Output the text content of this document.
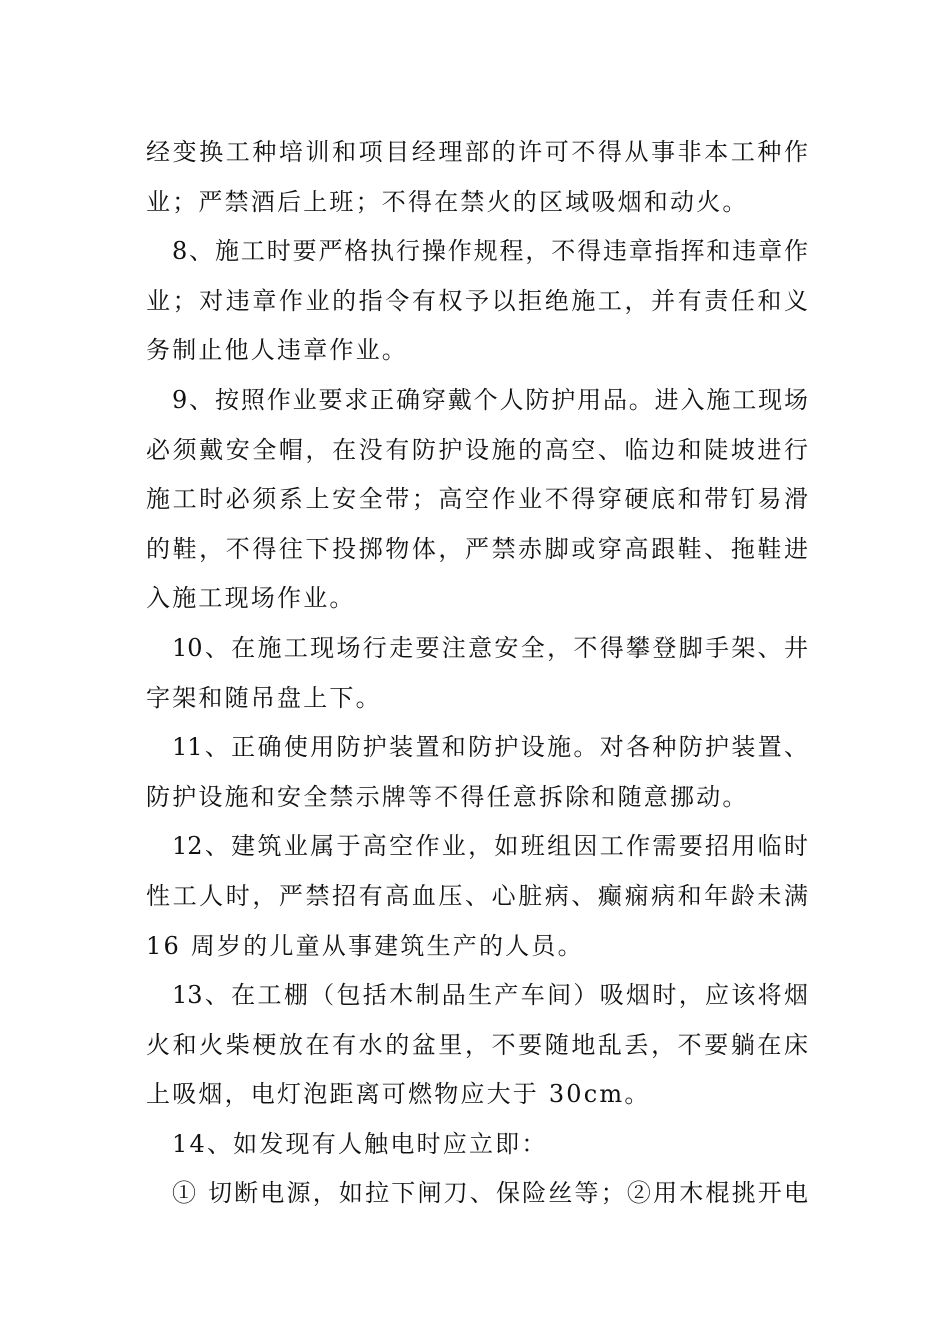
经变换工种培训和项目经理部的许可不得从事非本工种作
业；严禁酒后上班；不得在禁火的区域吸烟和动火。
8、施工时要严格执行操作规程，不得违章指挥和违章作
业；对违章作业的指令有权予以拒绝施工，并有责任和义
务制止他人违章作业。
9、按照作业要求正确穿戴个人防护用品。进入施工现场
必须戴安全帽，在没有防护设施的高空、临边和陡坡进行
施工时必须系上安全带；高空作业不得穿硬底和带钉易滑
的鞋，不得往下投掷物体，严禁赤脚或穿高跟鞋、拖鞋进
入施工现场作业。
10、在施工现场行走要注意安全，不得攀登脚手架、井
字架和随吊盘上下。
11、正确使用防护装置和防护设施。对各种防护装置、
防护设施和安全禁示牌等不得任意拆除和随意挪动。
12、建筑业属于高空作业，如班组因工作需要招用临时
性工人时，严禁招有高血压、心脏病、癫痫病和年龄未满
16 周岁的儿童从事建筑生产的人员。
13、在工棚（包括木制品生产车间）吸烟时，应该将烟
火和火柴梗放在有水的盆里，不要随地乱丢，不要躺在床
上吸烟，电灯泡距离可燃物应大于 30cm。
14、如发现有人触电时应立即：
① 切断电源，如拉下闸刀、保险丝等；②用木棍挑开电
